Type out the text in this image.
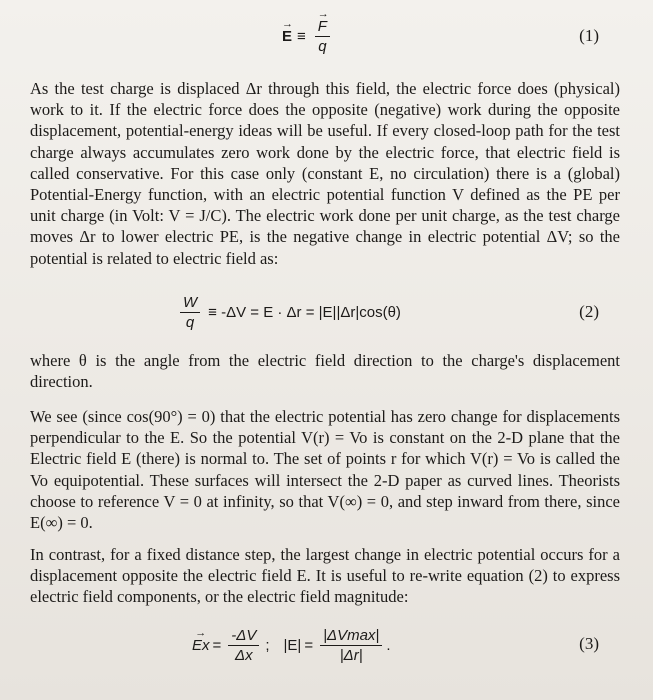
→ E ≡
→ $\frac{F}{q}$	(1)

As the test charge is displaced Δr through this field, the electric force does (physical) work to it. If the electric force does the opposite (negative) work during the opposite displacement, potential-energy ideas will be useful. If every closed-loop path for the test charge always accumulates zero work done by the electric force, that electric field is called conservative. For this case only (constant E, no circulation) there is a (global) Potential-Energy function, with an electric potential function V defined as the PE per unit charge (in Volt: V = J/C). The electric work done per unit charge, as the test charge moves Δr to lower electric PE, is the negative change in electric potential ΔV; so the potential is related to electric field as:

$\frac{W}{q} \equiv -\Delta V = E \cdot \Delta r = |E||\Delta r|\cos(\theta)$	(2)

where θ is the angle from the electric field direction to the charge's displacement direction.

We see (since cos(90°) = 0) that the electric potential has zero change for displacements perpendicular to the E. So the potential V(r) = Vo is constant on the 2-D plane that the Electric field E (there) is normal to. The set of points r for which V(r) = Vo is called the Vo equipotential. These surfaces will intersect the 2-D paper as curved lines. Theorists choose to reference V = 0 at infinity, so that V(∞) = 0, and step inward from there, since E(∞) = 0.

In contrast, for a fixed distance step, the largest change in electric potential occurs for a displacement opposite the electric field E. It is useful to re-write equation (2) to express electric field components, or the electric field magnitude:

→ $Ex = \frac{-\Delta V}{\Delta x}$ ; $|E| = \frac{|\Delta Vmax|}{|\Delta r|}$ .	(3)
